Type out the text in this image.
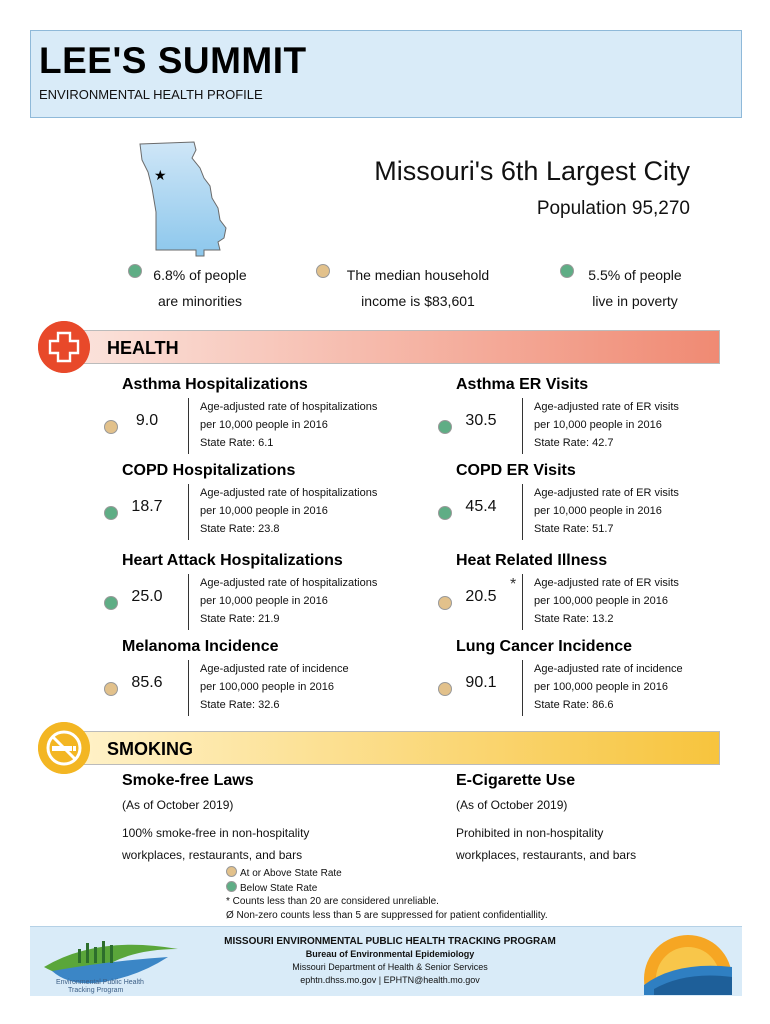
LEE'S SUMMIT
ENVIRONMENTAL HEALTH PROFILE
★	Missouri's 6th Largest City
Population 95,270
6.8% of people
are minorities
The median household
income is $83,601
5.5% of people
live in poverty
HEALTH
Asthma Hospitalizations
9.0
Age-adjusted rate of hospitalizations
per 10,000 people in 2016
State Rate: 6.1
Asthma ER Visits
30.5
Age-adjusted rate of ER visits
per 10,000 people in 2016
State Rate: 42.7
COPD Hospitalizations
18.7
Age-adjusted rate of hospitalizations
per 10,000 people in 2016
State Rate: 23.8
COPD ER Visits
45.4
Age-adjusted rate of ER visits
per 10,000 people in 2016
State Rate: 51.7
Heart Attack Hospitalizations
25.0
Age-adjusted rate of hospitalizations
per 10,000 people in 2016
State Rate: 21.9
Heat Related Illness
20.5
* Age-adjusted rate of ER visits
per 100,000 people in 2016
State Rate: 13.2
Melanoma Incidence
85.6
Age-adjusted rate of incidence
per 100,000 people in 2016
State Rate: 32.6
Lung Cancer Incidence
90.1
Age-adjusted rate of incidence
per 100,000 people in 2016
State Rate: 86.6
SMOKING
Smoke-free Laws
(As of October 2019)
100% smoke-free in non-hospitality
workplaces, restaurants, and bars
E-Cigarette Use
(As of October 2019)
Prohibited in non-hospitality
workplaces, restaurants, and bars
At or Above State Rate
Below State Rate
* Counts less than 20 are considered unreliable.
Ø Non-zero counts less than 5 are suppressed for patient confidentiallity.
Environmental Public Health
Tracking Program
MISSOURI ENVIRONMENTAL PUBLIC HEALTH TRACKING PROGRAM
Bureau of Environmental Epidemiology
Missouri Department of Health & Senior Services
ephtn.dhss.mo.gov | EPHTN@health.mo.gov
